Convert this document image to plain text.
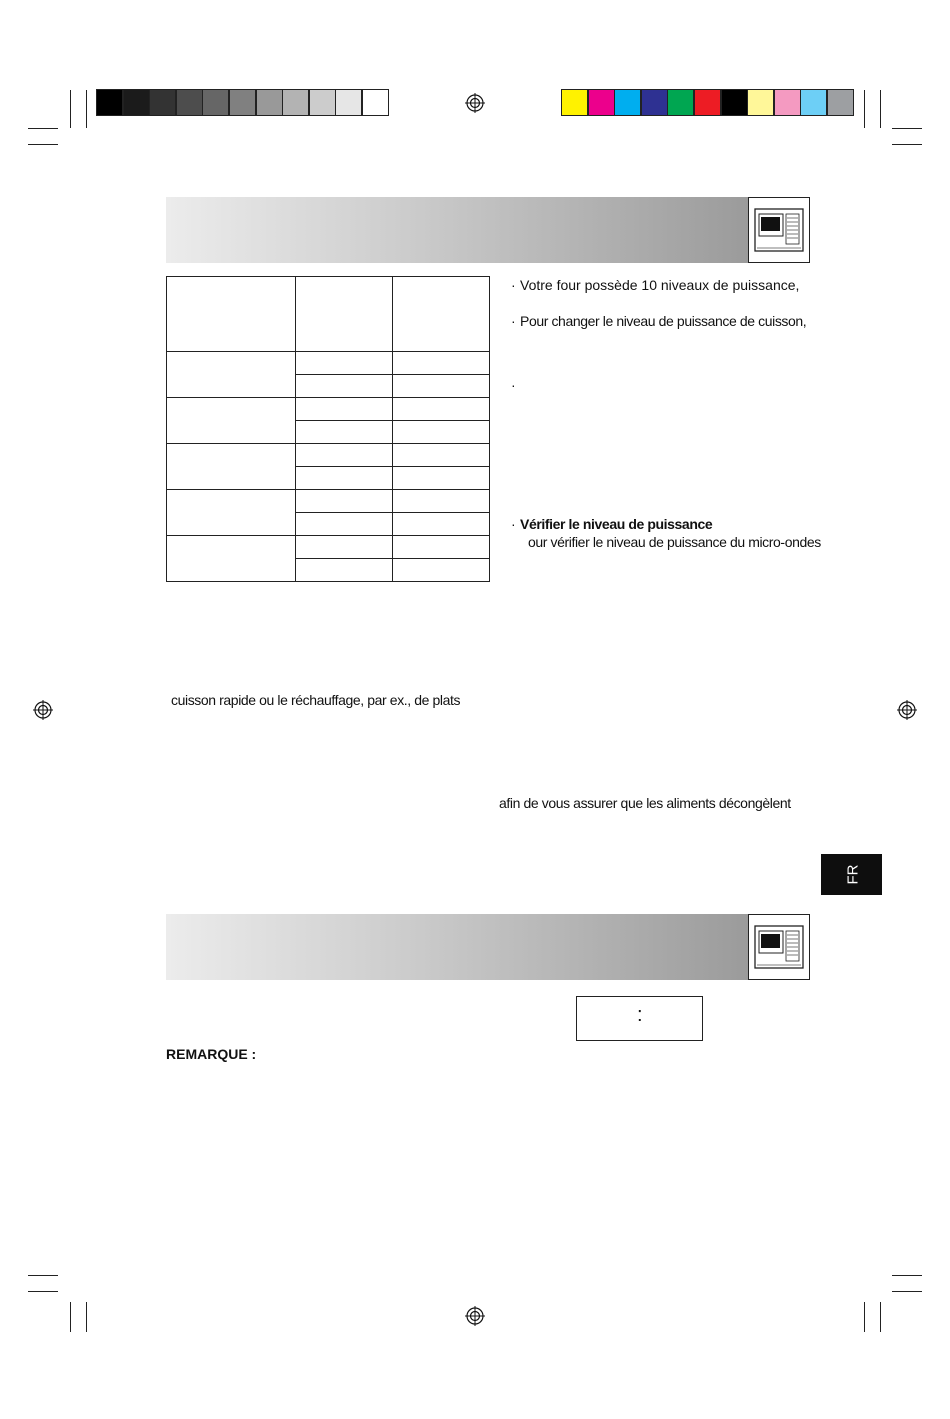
· Votre four possède 10 niveaux de puissance,
· Pour changer le niveau de puissance de cuisson,
·
· Vérifier le niveau de puissance
our vérifier le niveau de puissance du micro-ondes
cuisson rapide ou le réchauffage, par ex., de plats
afin de vous assurer que les aliments décongèlent
FR
:
REMARQUE :
